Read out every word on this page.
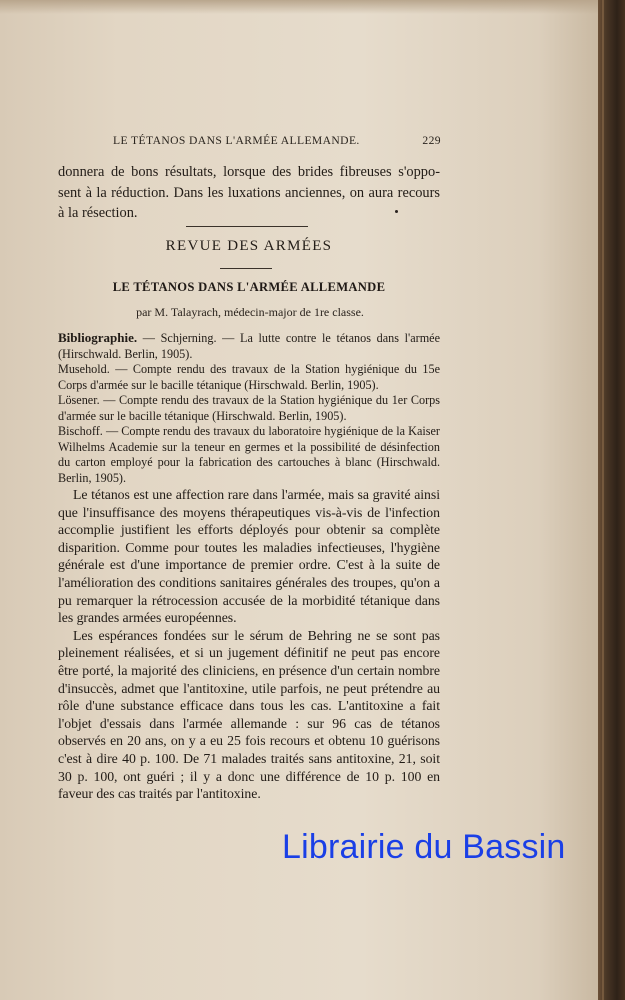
LE TÉTANOS DANS L'ARMÉE ALLEMANDE.	229
donnera de bons résultats, lorsque des brides fibreuses s'oppo-
sent à la réduction. Dans les luxations anciennes, on aura recours
à la résection.
REVUE DES ARMÉES
LE TÉTANOS DANS L'ARMÉE ALLEMANDE
par M. Talayrach, médecin-major de 1re classe.
Bibliographie. — Schjerning. — La lutte contre le tétanos dans l'armée (Hirschwald. Berlin, 1905).
Musehold. — Compte rendu des travaux de la Station hygiénique du 15e Corps d'armée sur le bacille tétanique (Hirschwald. Berlin, 1905).
Lösener. — Compte rendu des travaux de la Station hygiénique du 1er Corps d'armée sur le bacille tétanique (Hirschwald. Berlin, 1905).
Bischoff. — Compte rendu des travaux du laboratoire hygiénique de la Kaiser Wilhelms Academie sur la teneur en germes et la possibilité de désinfection du carton employé pour la fabrication des cartouches à blanc (Hirschwald. Berlin, 1905).

Le tétanos est une affection rare dans l'armée, mais sa gravité ainsi que l'insuffisance des moyens thérapeutiques vis-à-vis de l'infection accomplie justifient les efforts déployés pour obtenir sa complète disparition. Comme pour toutes les maladies infectieuses, l'hygiène générale est d'une importance de premier ordre. C'est à la suite de l'amélioration des conditions sanitaires générales des troupes, qu'on a pu remarquer la rétrocession accusée de la morbidité tétanique dans les grandes armées européennes.

Les espérances fondées sur le sérum de Behring ne se sont pas pleinement réalisées, et si un jugement définitif ne peut pas encore être porté, la majorité des cliniciens, en présence d'un certain nombre d'insuccès, admet que l'antitoxine, utile parfois, ne peut prétendre au rôle d'une substance efficace dans tous les cas. L'antitoxine a fait l'objet d'essais dans l'armée allemande : sur 96 cas de tétanos observés en 20 ans, on y a eu 25 fois recours et obtenu 10 guérisons c'est à dire 40 p. 100. De 71 malades traités sans antitoxine, 21, soit 30 p. 100, ont guéri ; il y a donc une différence de 10 p. 100 en faveur des cas traités par l'antitoxine.

Librairie du Bassin
